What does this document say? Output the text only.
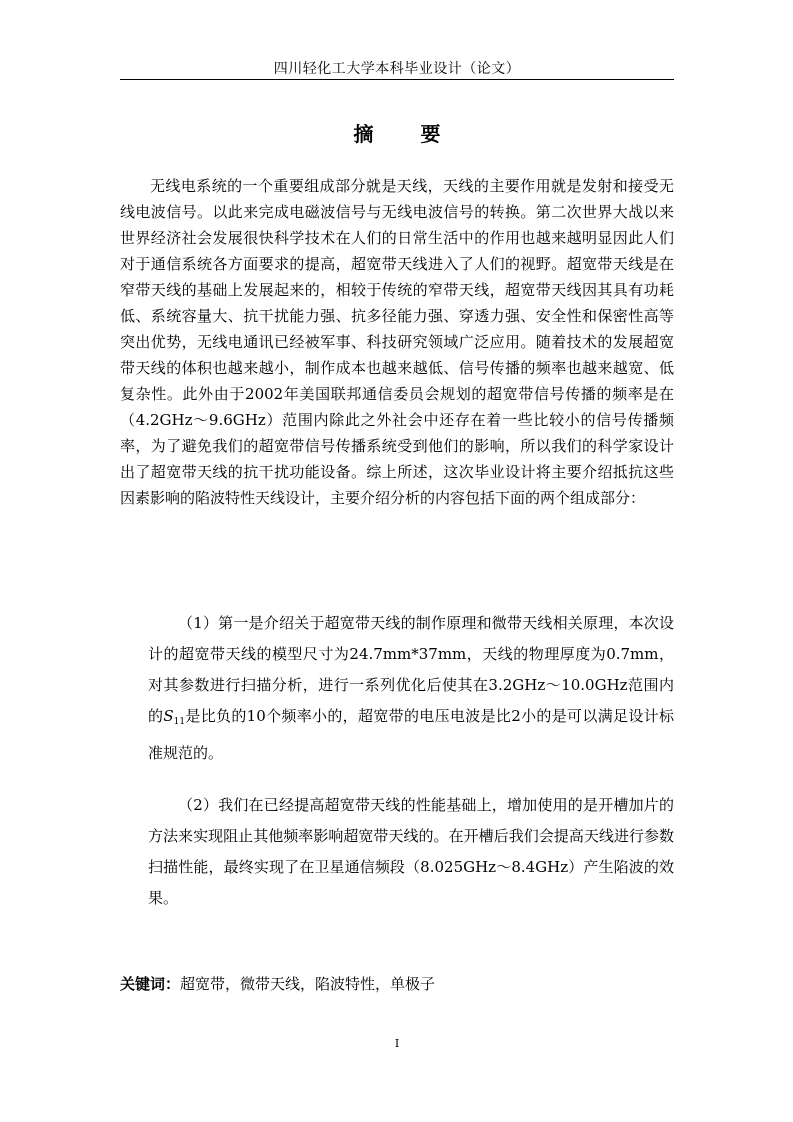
四川轻化工大学本科毕业设计（论文）
摘 要

无线电系统的一个重要组成部分就是天线，天线的主要作用就是发射和接受无线电波信号。以此来完成电磁波信号与无线电波信号的转换。第二次世界大战以来世界经济社会发展很快科学技术在人们的日常生活中的作用也越来越明显因此人们对于通信系统各方面要求的提高，超宽带天线进入了人们的视野。超宽带天线是在窄带天线的基础上发展起来的，相较于传统的窄带天线，超宽带天线因其具有功耗低、系统容量大、抗干扰能力强、抗多径能力强、穿透力强、安全性和保密性高等突出优势，无线电通讯已经被军事、科技研究领域广泛应用。随着技术的发展超宽带天线的体积也越来越小，制作成本也越来越低、信号传播的频率也越来越宽、低复杂性。此外由于2002年美国联邦通信委员会规划的超宽带信号传播的频率是在（4.2GHz～9.6GHz）范围内除此之外社会中还存在着一些比较小的信号传播频率，为了避免我们的超宽带信号传播系统受到他们的影响，所以我们的科学家设计出了超宽带天线的抗干扰功能设备。综上所述，这次毕业设计将主要介绍抵抗这些因素影响的陷波特性天线设计，主要介绍分析的内容包括下面的两个组成部分：

（1）第一是介绍关于超宽带天线的制作原理和微带天线相关原理，本次设计的超宽带天线的模型尺寸为24.7mm*37mm，天线的物理厚度为0.7mm，对其参数进行扫描分析，进行一系列优化后使其在3.2GHz～10.0GHz范围内的$S_{11}$是比负的10个频率小的，超宽带的电压电波是比2小的是可以满足设计标准规范的。

（2）我们在已经提高超宽带天线的性能基础上，增加使用的是开槽加片的方法来实现阻止其他频率影响超宽带天线的。在开槽后我们会提高天线进行参数扫描性能，最终实现了在卫星通信频段（8.025GHz～8.4GHz）产生陷波的效果。

关键词：超宽带，微带天线，陷波特性，单极子
I
